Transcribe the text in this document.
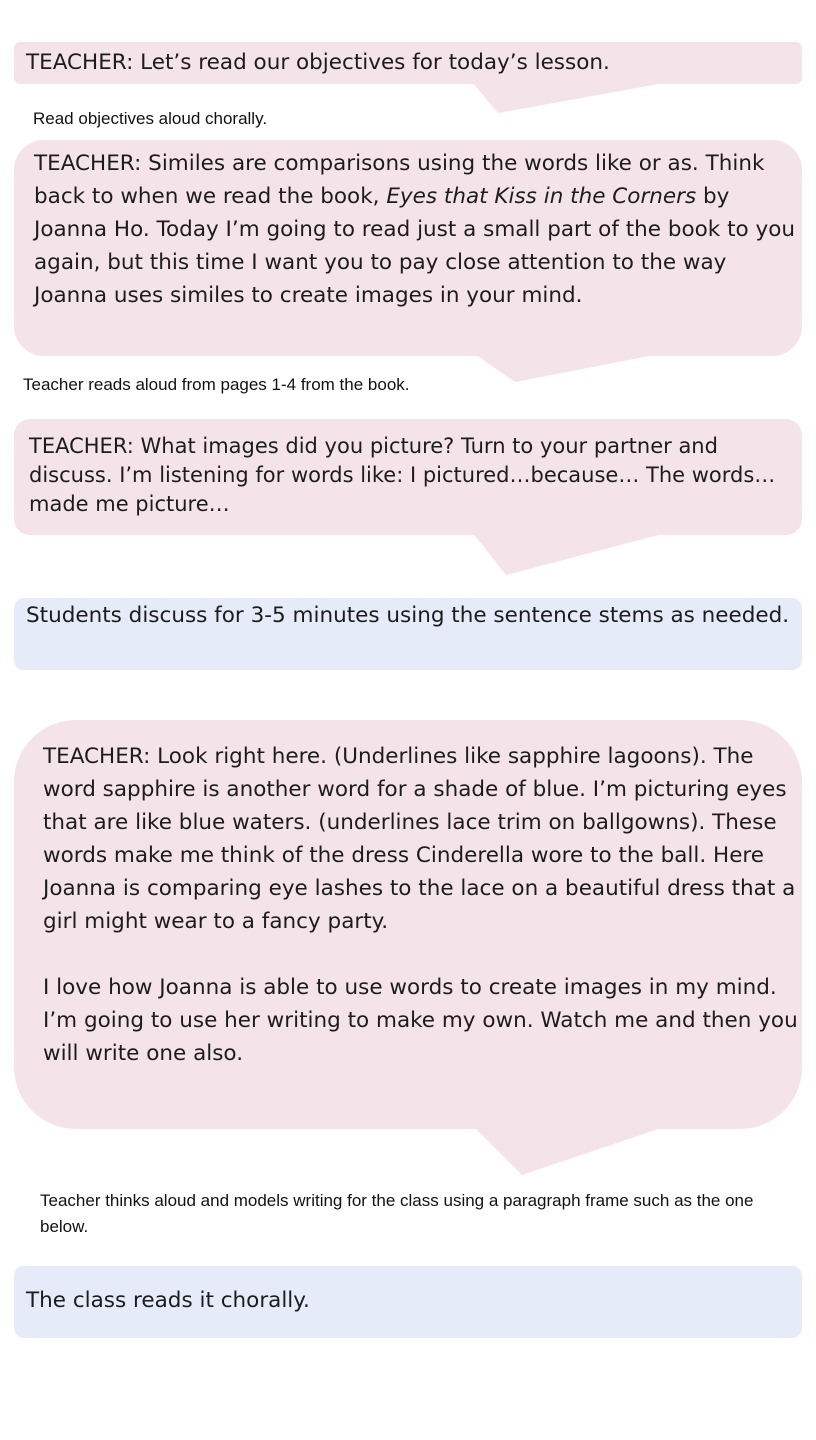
TEACHER: Let’s read our objectives for today’s lesson.

Read objectives aloud chorally.

TEACHER: Similes are comparisons using the words like or as. Think back to when we read the book, Eyes that Kiss in the Corners by Joanna Ho. Today I’m going to read just a small part of the book to you again, but this time I want you to pay close attention to the way Joanna uses similes to create images in your mind.

Teacher reads aloud from pages 1-4 from the book.

TEACHER: What images did you picture? Turn to your partner and discuss. I’m listening for words like: I pictured…because… The words…made me picture…

Students discuss for 3-5 minutes using the sentence stems as needed.

TEACHER: Look right here. (Underlines like sapphire lagoons). The word sapphire is another word for a shade of blue. I’m picturing eyes that are like blue waters. (underlines lace trim on ballgowns). These words make me think of the dress Cinderella wore to the ball. Here Joanna is comparing eye lashes to the lace on a beautiful dress that a girl might wear to a fancy party.

I love how Joanna is able to use words to create images in my mind. I’m going to use her writing to make my own. Watch me and then you will write one also.

Teacher thinks aloud and models writing for the class using a paragraph frame such as the one below.

The class reads it chorally.
